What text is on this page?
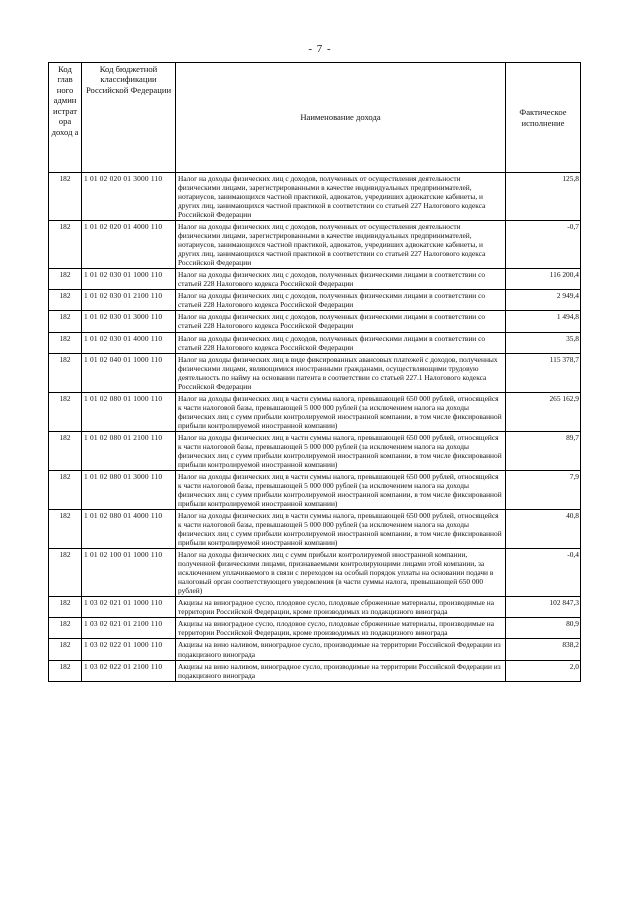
- 7 -
Код глав ного админ истрат ора доход а	Код бюджетной классификации Российской Федерации	Наименование дохода	Фактическое исполнение
182	1 01 02 020 01 3000 110	Налог на доходы физических лиц с доходов, полученных от осуществления деятельности физическими лицами, зарегистрированными в качестве индивидуальных предпринимателей, нотариусов, занимающихся частной практикой, адвокатов, учредивших адвокатские кабинеты, и других лиц, занимающихся частной практикой в соответствии со статьей 227 Налогового кодекса Российской Федерации	125,8
182	1 01 02 020 01 4000 110	Налог на доходы физических лиц с доходов, полученных от осуществления деятельности физическими лицами, зарегистрированными в качестве индивидуальных предпринимателей, нотариусов, занимающихся частной практикой, адвокатов, учредивших адвокатские кабинеты, и других лиц, занимающихся частной практикой в соответствии со статьей 227 Налогового кодекса Российской Федерации	-0,7
182	1 01 02 030 01 1000 110	Налог на доходы физических лиц с доходов, полученных физическими лицами в соответствии со статьей 228 Налогового кодекса Российской Федерации	116 200,4
182	1 01 02 030 01 2100 110	Налог на доходы физических лиц с доходов, полученных физическими лицами в соответствии со статьей 228 Налогового кодекса Российской Федерации	2 949,4
182	1 01 02 030 01 3000 110	Налог на доходы физических лиц с доходов, полученных физическими лицами в соответствии со статьей 228 Налогового кодекса Российской Федерации	1 494,8
182	1 01 02 030 01 4000 110	Налог на доходы физических лиц с доходов, полученных физическими лицами в соответствии со статьей 228 Налогового кодекса Российской Федерации	35,8
182	1 01 02 040 01 1000 110	Налог на доходы физических лиц в виде фиксированных авансовых платежей с доходов, полученных физическими лицами, являющимися иностранными гражданами, осуществляющими трудовую деятельность по найму на основании патента в соответствии со статьей 227.1 Налогового кодекса Российской Федерации	115 378,7
182	1 01 02 080 01 1000 110	Налог на доходы физических лиц в части суммы налога, превышающей 650 000 рублей, относящейся к части налоговой базы, превышающей 5 000 000 рублей (за исключением налога на доходы физических лиц с сумм прибыли контролируемой иностранной компании, в том числе фиксированной прибыли контролируемой иностранной компании)	265 162,9
182	1 01 02 080 01 2100 110	Налог на доходы физических лиц в части суммы налога, превышающей 650 000 рублей, относящейся к части налоговой базы, превышающей 5 000 000 рублей (за исключением налога на доходы физических лиц с сумм прибыли контролируемой иностранной компании, в том числе фиксированной прибыли контролируемой иностранной компании)	89,7
182	1 01 02 080 01 3000 110	Налог на доходы физических лиц в части суммы налога, превышающей 650 000 рублей, относящейся к части налоговой базы, превышающей 5 000 000 рублей (за исключением налога на доходы физических лиц с сумм прибыли контролируемой иностранной компании, в том числе фиксированной прибыли контролируемой иностранной компании)	7,9
182	1 01 02 080 01 4000 110	Налог на доходы физических лиц в части суммы налога, превышающей 650 000 рублей, относящейся к части налоговой базы, превышающей 5 000 000 рублей (за исключением налога на доходы физических лиц с сумм прибыли контролируемой иностранной компании, в том числе фиксированной прибыли контролируемой иностранной компании)	40,8
182	1 01 02 100 01 1000 110	Налог на доходы физических лиц с сумм прибыли контролируемой иностранной компании, полученной физическими лицами, признаваемыми контролирующими лицами этой компании, за исключением уплачиваемого в связи с переходом на особый порядок уплаты на основании подачи в налоговый орган соответствующего уведомления (в части суммы налога, превышающей 650 000 рублей)	-0,4
182	1 03 02 021 01 1000 110	Акцизы на виноградное сусло, плодовое сусло, плодовые сброженные материалы, производимые на территории Российской Федерации, кроме производимых из подакцизного винограда	102 847,3
182	1 03 02 021 01 2100 110	Акцизы на виноградное сусло, плодовое сусло, плодовые сброженные материалы, производимые на территории Российской Федерации, кроме производимых из подакцизного винограда	80,9
182	1 03 02 022 01 1000 110	Акцизы на вино наливом, виноградное сусло, производимые на территории Российской Федерации из подакцизного винограда	838,2
182	1 03 02 022 01 2100 110	Акцизы на вино наливом, виноградное сусло, производимые на территории Российской Федерации из подакцизного винограда	2,0
